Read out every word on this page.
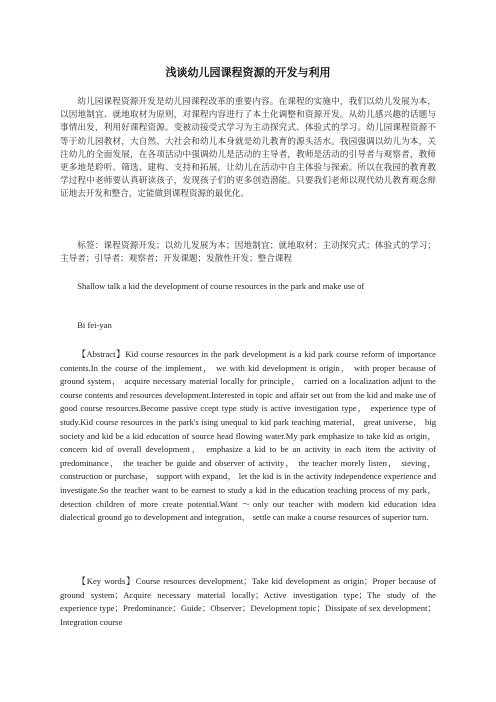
浅谈幼儿园课程资源的开发与利用

幼儿园课程资源开发是幼儿园课程改革的重要内容。在课程的实施中，我们以幼儿发展为本，以因地制宜、就地取材为原则，对课程内容进行了本土化调整和资源开发。从幼儿感兴趣的话题与事情出发，利用好课程资源。变被动接受式学习为主动探究式、体验式的学习。幼儿园课程资源不等于幼儿园教材，大自然、大社会和幼儿本身就是幼儿教育的源头活水。我园强调以幼儿为本，关注幼儿的全面发展，在各项活动中强调幼儿是活动的主导者，教师是活动的引导者与观察者，教师更多地是聆听、筛选、建构、支持和拓展，让幼儿在活动中自主体验与探索。所以在我园的教育教学过程中老师要认真研读孩子，发现孩子们的更多创造潜能。只要我们老师以现代幼儿教育观念辩证地去开发和整合，定能做到课程资源的最优化。

标签：课程资源开发；以幼儿发展为本；因地制宜；就地取材；主动探究式；体验式的学习；主导者；引导者；观察者；开发课题；发散性开发；整合课程

Shallow talk a kid the development of course resources in the park and make use of

Bi fei-yan

【Abstract】Kid course resources in the park development is a kid park course reform of importance contents.In the course of the implement， we with kid development is origin， with proper because of ground system， acquire necessary material locally for principle， carried on a localization adjust to the course contents and resources development.Interested in topic and affair set out from the kid and make use of good course resources.Become passive ccept type study is active investigation type， experience type of study.Kid course resources in the park's ising unequal to kid park teaching material， great universe， big society and kid be a kid education of source head flowing water.My park emphasize to take kid as origin， concern kid of overall development， emphasize a kid to be an activity in each item the activity of predominance， the teacher be guide and observer of activity， the teacher morely listen， sieving， construction or purchase， support with expand， let the kid is in the activity independence experience and investigate.So the teacher want to be earnest to study a kid in the education teaching process of my park， detection children of more create potential.Want ～only our teacher with modern kid education idea dialectical ground go to development and integration， settle can make a course resources of superior turn.

【Key words】Course resources development；Take kid development as origin；Proper because of ground system；Acquire necessary material locally；Active investigation type；The study of the experience type；Predominance；Guide；Observer；Development topic；Dissipate of sex development；Integration course
